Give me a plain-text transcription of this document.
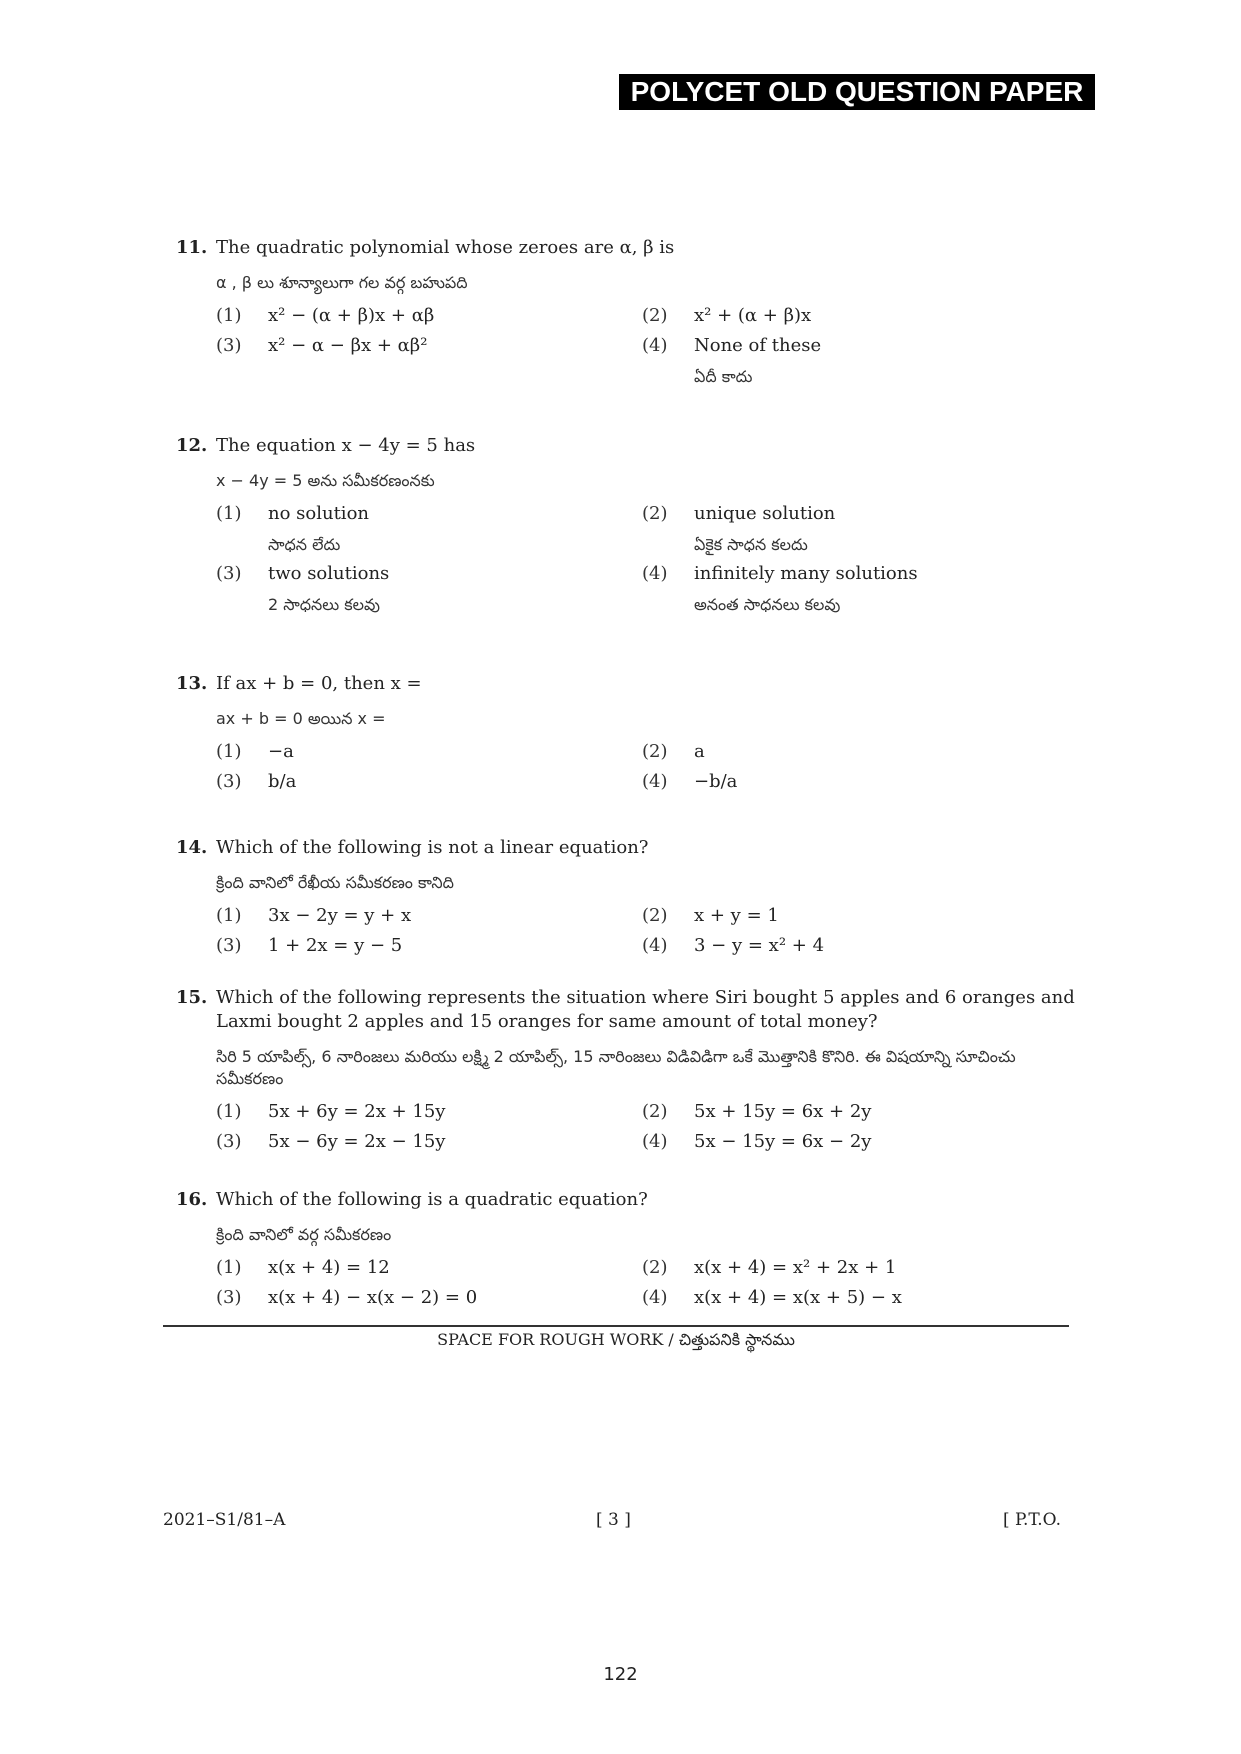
POLYCET OLD QUESTION PAPER
11. The quadratic polynomial whose zeroes are α, β is
α , β లు శూన్యాలుగా గల వర్గ బహుపది
(1)	x² − (α + β)x + αβ	(2)	x² + (α + β)x
(3)	x² − α − βx + αβ²	(4)	None of these
ఏదీ కాదు
12. The equation x − 4y = 5 has
x − 4y = 5 అను సమీకరణంనకు
(1)	no solution
సాధన లేదు
(2)	unique solution
ఏకైక సాధన కలదు
(3)	two solutions
2 సాధనలు కలవు
(4)	infinitely many solutions
అనంత సాధనలు కలవు
13. If ax + b = 0, then x =
ax + b = 0 అయిన x =
(1)	−a	(2)	a
(3)	b/a	(4)	−b/a
14. Which of the following is not a linear equation?
క్రింది వానిలో రేఖీయ సమీకరణం కానిది
(1)	3x − 2y = y + x	(2)	x + y = 1
(3)	1 + 2x = y − 5	(4)	3 − y = x² + 4
15. Which of the following represents the situation where Siri bought 5 apples and 6 oranges and Laxmi bought 2 apples and 15 oranges for same amount of total money?
సిరి 5 యాపిల్స్, 6 నారింజలు మరియు లక్ష్మి 2 యాపిల్స్, 15 నారింజలు విడివిడిగా ఒకే మొత్తానికి కొనిరి. ఈ విషయాన్ని సూచించు సమీకరణం
(1)	5x + 6y = 2x + 15y	(2)	5x + 15y = 6x + 2y
(3)	5x − 6y = 2x − 15y	(4)	5x − 15y = 6x − 2y
16. Which of the following is a quadratic equation?
క్రింది వానిలో వర్గ సమీకరణం
(1)	x(x + 4) = 12	(2)	x(x + 4) = x² + 2x + 1
(3)	x(x + 4) − x(x − 2) = 0	(4)	x(x + 4) = x(x + 5) − x
SPACE FOR ROUGH WORK / చిత్తుపనికి స్థానము
2021–S1/81–A	[ 3 ]	[ P.T.O.
122
